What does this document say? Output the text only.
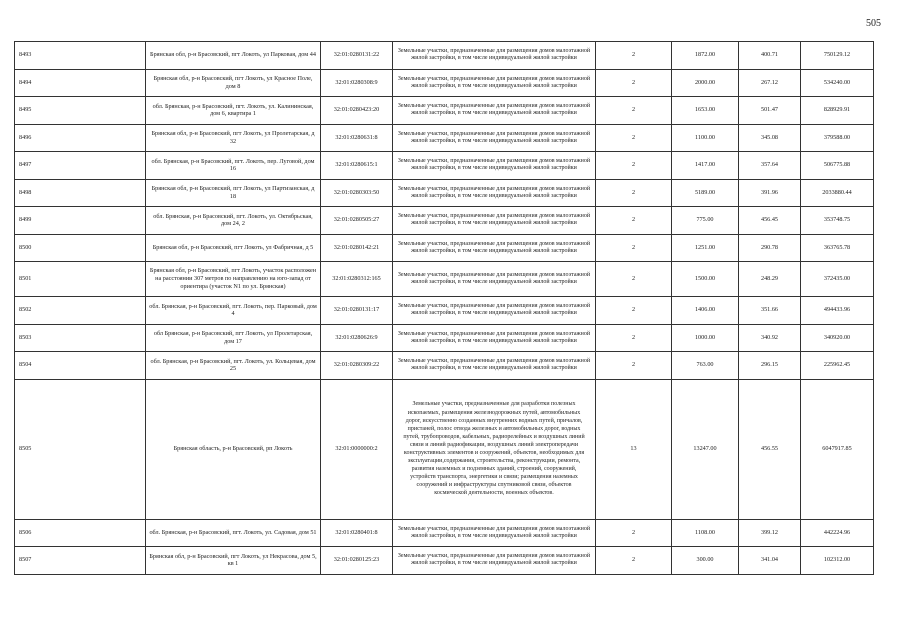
505
8493	Брянская обл, р-н Брасовский, пгт Локоть, ул Парковая, дом 44	32:01:0280131:22	Земельные участки, предназначенные для размещения домов малоэтажной жилой застройки, в том числе индивидуальной жилой застройки	2	1872.00	400.71	750129.12
8494	Брянская обл, р-н Брасовский, пгт Локоть, ул Красное Поле, дом 8	32:01:0280308:9	Земельные участки, предназначенные для размещения домов малоэтажной жилой застройки, в том числе индивидуальной жилой застройки	2	2000.00	267.12	534240.00
8495	обл. Брянская, р-н Брасовский, пгт. Локоть, ул. Калининская, дом 6, квартира 1	32:01:0280423:20	Земельные участки, предназначенные для размещения домов малоэтажной жилой застройки, в том числе индивидуальной жилой застройки	2	1653.00	501.47	828929.91
8496	Брянская обл, р-н Брасовский, пгт Локоть, ул Пролетарская, д 32	32:01:0280631:8	Земельные участки, предназначенные для размещения домов малоэтажной жилой застройки, в том числе индивидуальной жилой застройки	2	1100.00	345.08	379588.00
8497	обл. Брянская, р-н Брасовский, пгт. Локоть, пер. Луговой, дом 16	32:01:0280615:1	Земельные участки, предназначенные для размещения домов малоэтажной жилой застройки, в том числе индивидуальной жилой застройки	2	1417.00	357.64	506775.88
8498	Брянская обл, р-н Брасовский, пгт Локоть, ул Партизанская, д 18	32:01:0280303:50	Земельные участки, предназначенные для размещения домов малоэтажной жилой застройки, в том числе индивидуальной жилой застройки	2	5189.00	391.96	2033880.44
8499	обл. Брянская, р-н Брасовский, пгт. Локоть, ул. Октябрьская, дом 24, 2	32:01:0280505:27	Земельные участки, предназначенные для размещения домов малоэтажной жилой застройки, в том числе индивидуальной жилой застройки	2	775.00	456.45	353748.75
8500	Брянская обл, р-н Брасовский, пгт Локоть, ул Фабричная, д 5	32:01:0280142:21	Земельные участки, предназначенные для размещения домов малоэтажной жилой застройки, в том числе индивидуальной жилой застройки	2	1251.00	290.78	363765.78
8501	Брянская обл, р-н Брасовский, пгт Локоть, участок расположен на расстоянии 307 метров по направлению на юго-запад от ориентира (участок N1 по ул. Брянская)	32:01:0280312:165	Земельные участки, предназначенные для размещения домов малоэтажной жилой застройки, в том числе индивидуальной жилой застройки	2	1500.00	248.29	372435.00
8502	обл. Брянская, р-н Брасовский, пгт. Локоть, пер. Парковый, дом 4	32:01:0280131:17	Земельные участки, предназначенные для размещения домов малоэтажной жилой застройки, в том числе индивидуальной жилой застройки	2	1406.00	351.66	494433.96
8503	обл Брянская, р-н Брасовский, пгт Локоть, ул Пролетарская, дом 17	32:01:0280626:9	Земельные участки, предназначенные для размещения домов малоэтажной жилой застройки, в том числе индивидуальной жилой застройки	2	1000.00	340.92	340920.00
8504	обл. Брянская, р-н Брасовский, пгт. Локоть, ул. Кольцевая, дом 25	32:01:0280309:22	Земельные участки, предназначенные для размещения домов малоэтажной жилой застройки, в том числе индивидуальной жилой застройки	2	763.00	296.15	225962.45
8505	Брянская область, р-н Брасовский, рп Локоть	32:01:0000000:2	Земельные участки, предназначенные для разработки полезных ископаемых, размещения железнодорожных путей, автомобильных дорог, искусственно созданных внутренних водных путей, причалов, пристаней, полос отвода железных и автомобильных дорог, водных путей, трубопроводов, кабельных, радиорелейных и воздушных линий связи и линий радиофикации, воздушных линий электропередачи конструктивных элементов и сооружений, объектов, необходимых для эксплуатации,содержания, строительства, реконструкции, ремонта, развития наземных и подземных зданий, строений, сооружений, устройств транспорта, энергетики и связи; размещения наземных сооружений и инфраструктуры спутниковой связи, объектов космической деятельности, военных объектов.	13	13247.00	456.55	6047917.85
8506	обл. Брянская, р-н Брасовский, пгт. Локоть, ул. Садовая, дом 51	32:01:0280401:8	Земельные участки, предназначенные для размещения домов малоэтажной жилой застройки, в том числе индивидуальной жилой застройки	2	1108.00	399.12	442224.96
8507	Брянская обл, р-н Брасовский, пгт Локоть, ул Некрасова, дом 5, кв 1	32:01:0280125:23	Земельные участки, предназначенные для размещения домов малоэтажной жилой застройки, в том числе индивидуальной жилой застройки	2	300.00	341.04	102312.00
